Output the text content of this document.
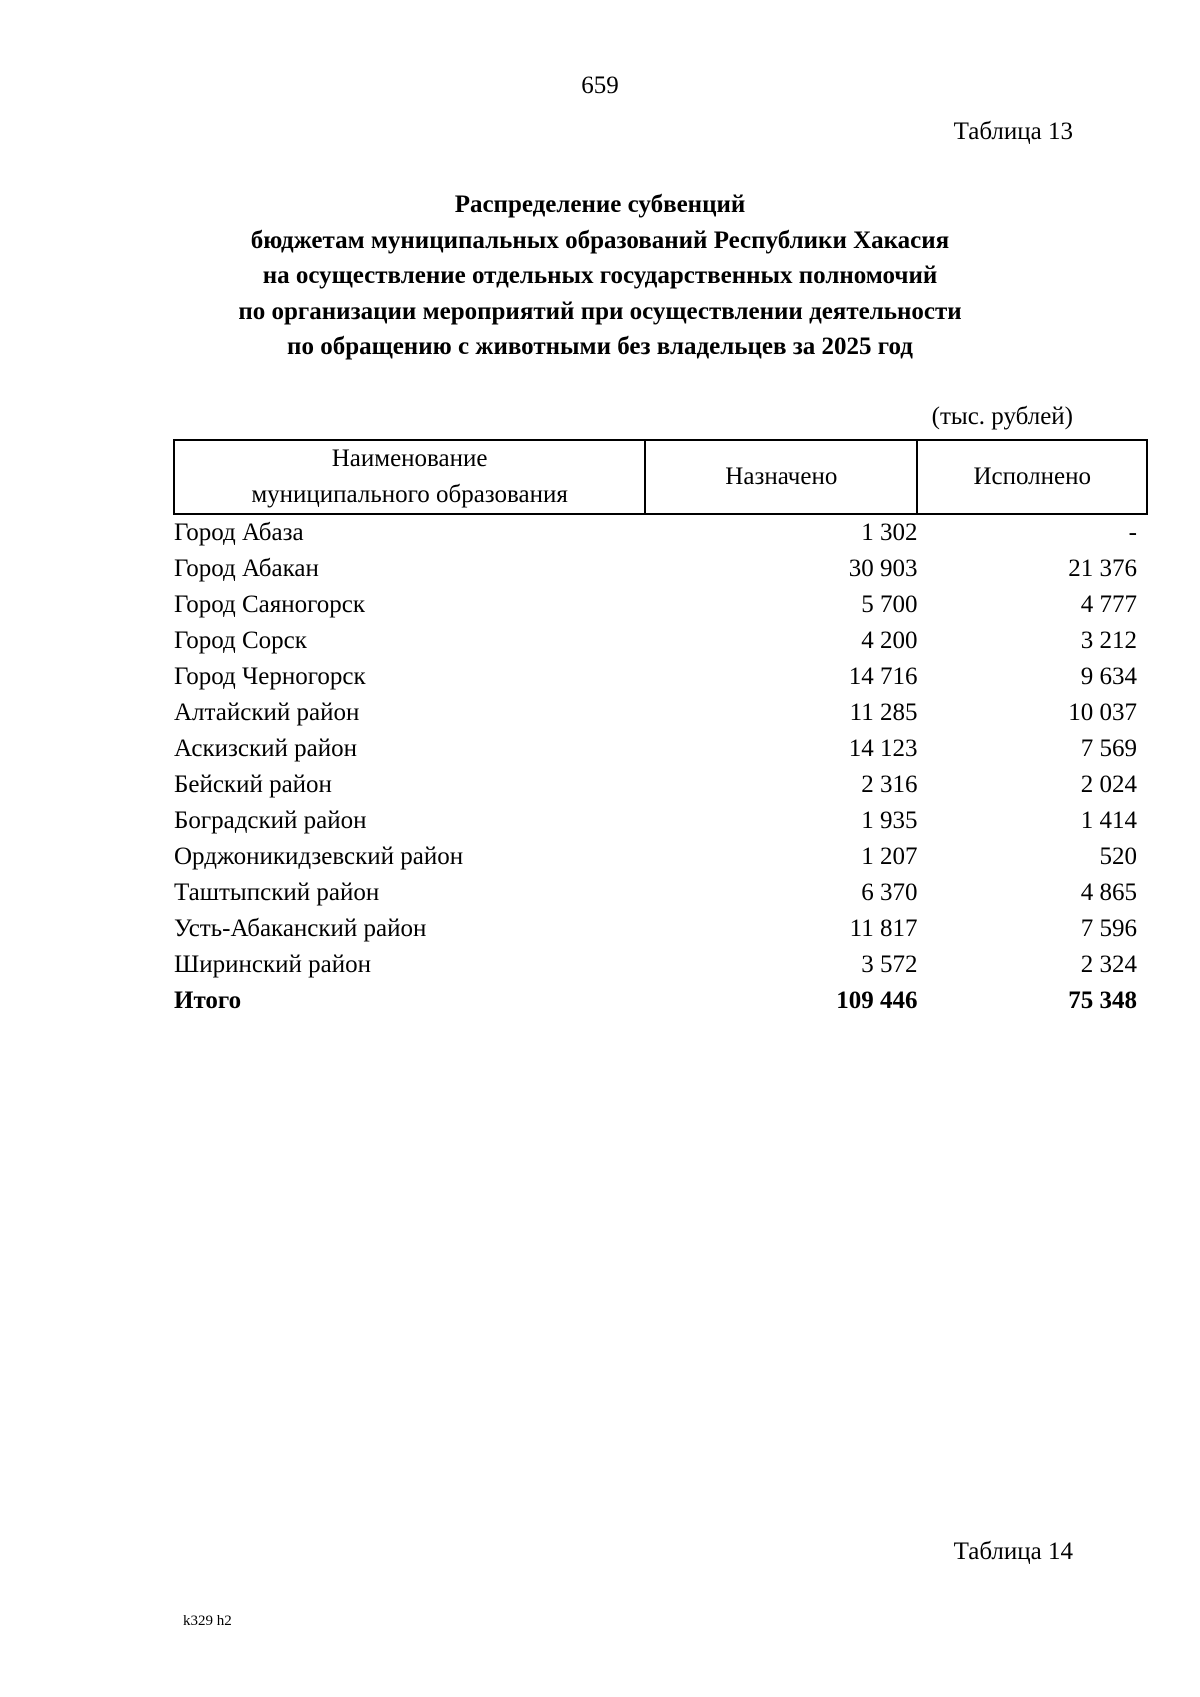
659
Таблица 13
Распределение субвенций
бюджетам муниципальных образований Республики Хакасия
на осуществление отдельных государственных полномочий
по организации мероприятий при осуществлении деятельности
по обращению с животными без владельцев за 2025 год
(тыс. рублей)
Наименование
муниципального образования	Назначено	Исполнено
Город Абаза	1 302	-
Город Абакан	30 903	21 376
Город Саяногорск	5 700	4 777
Город Сорск	4 200	3 212
Город Черногорск	14 716	9 634
Алтайский район	11 285	10 037
Аскизский район	14 123	7 569
Бейский район	2 316	2 024
Боградский район	1 935	1 414
Орджоникидзевский район	1 207	520
Таштыпский район	6 370	4 865
Усть-Абаканский район	11 817	7 596
Ширинский район	3 572	2 324
Итого	109 446	75 348
Таблица 14
k329 h2
